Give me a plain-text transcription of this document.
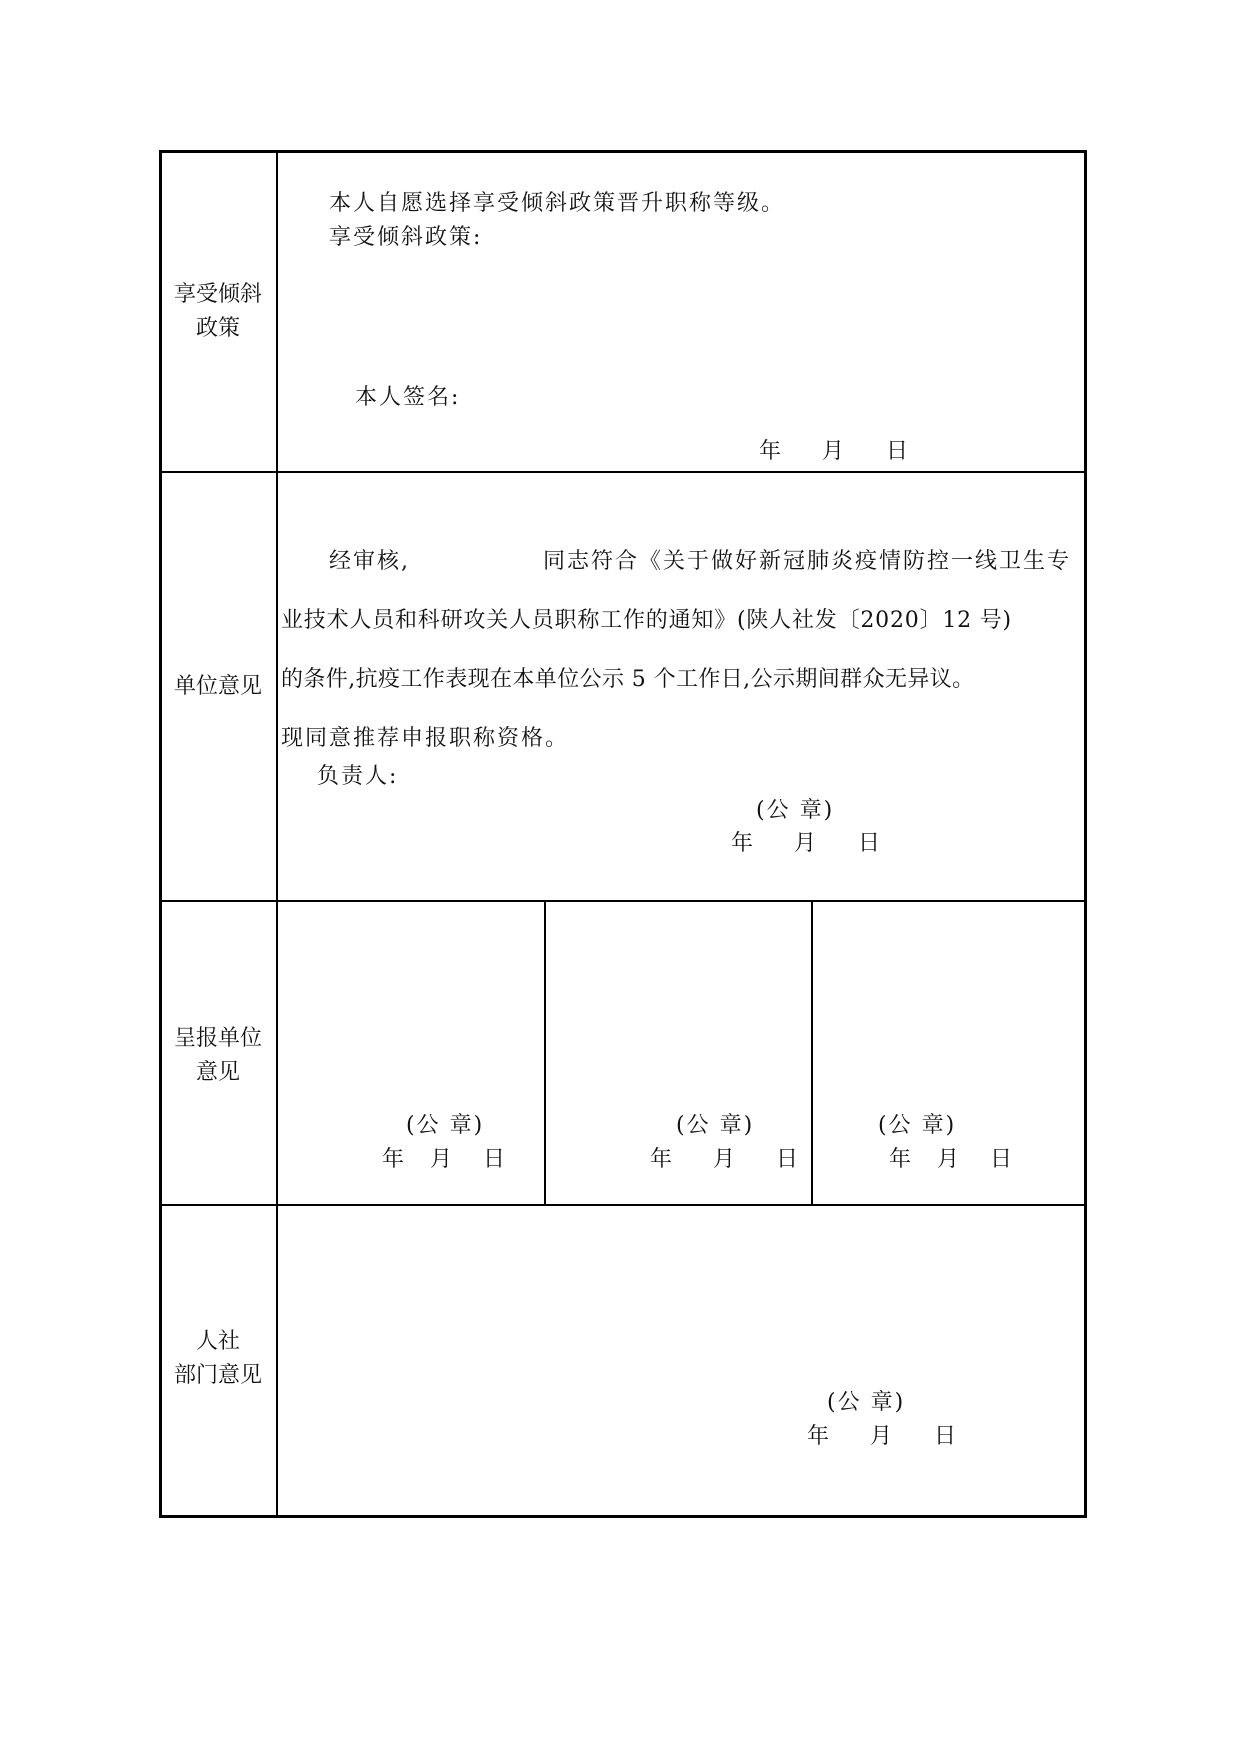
享受倾斜
政策
本人自愿选择享受倾斜政策晋升职称等级。
享受倾斜政策:
本人签名:
年 月 日
单位意见
经审核,	同志符合《关于做好新冠肺炎疫情防控一线卫生专
业技术人员和科研攻关人员职称工作的通知》(陕人社发〔2020〕12 号)
的条件,抗疫工作表现在本单位公示 5 个工作日,公示期间群众无异议。
现同意推荐申报职称资格。
负责人:
(公 章)
年 月 日
呈报单位
意见
(公 章)
年 月 日
(公 章)
年 月 日
(公 章)
年 月 日
人社
部门意见
(公 章)
年 月 日
